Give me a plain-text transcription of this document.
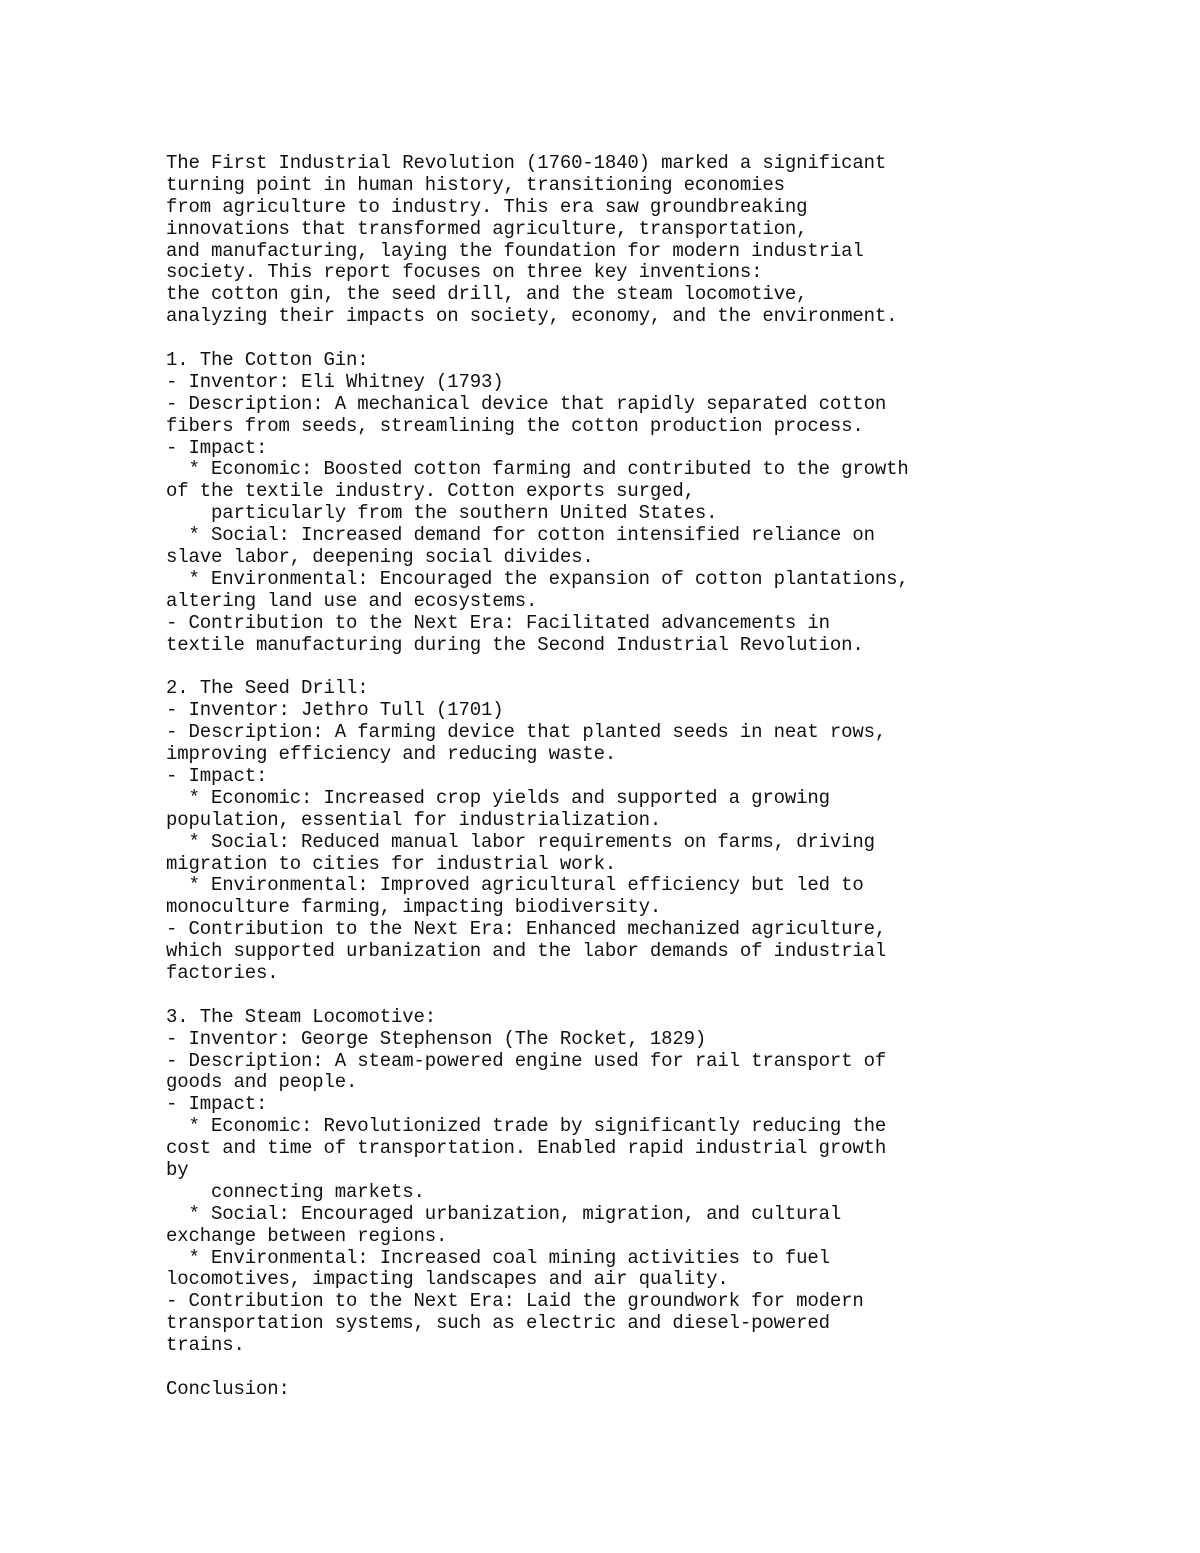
The First Industrial Revolution (1760-1840) marked a significant
turning point in human history, transitioning economies
from agriculture to industry. This era saw groundbreaking
innovations that transformed agriculture, transportation,
and manufacturing, laying the foundation for modern industrial
society. This report focuses on three key inventions:
the cotton gin, the seed drill, and the steam locomotive,
analyzing their impacts on society, economy, and the environment.
1. The Cotton Gin:
- Inventor: Eli Whitney (1793)
- Description: A mechanical device that rapidly separated cotton
fibers from seeds, streamlining the cotton production process.
- Impact:
* Economic: Boosted cotton farming and contributed to the growth
of the textile industry. Cotton exports surged,
particularly from the southern United States.
* Social: Increased demand for cotton intensified reliance on
slave labor, deepening social divides.
* Environmental: Encouraged the expansion of cotton plantations,
altering land use and ecosystems.
- Contribution to the Next Era: Facilitated advancements in
textile manufacturing during the Second Industrial Revolution.
2. The Seed Drill:
- Inventor: Jethro Tull (1701)
- Description: A farming device that planted seeds in neat rows,
improving efficiency and reducing waste.
- Impact:
* Economic: Increased crop yields and supported a growing
population, essential for industrialization.
* Social: Reduced manual labor requirements on farms, driving
migration to cities for industrial work.
* Environmental: Improved agricultural efficiency but led to
monoculture farming, impacting biodiversity.
- Contribution to the Next Era: Enhanced mechanized agriculture,
which supported urbanization and the labor demands of industrial
factories.
3. The Steam Locomotive:
- Inventor: George Stephenson (The Rocket, 1829)
- Description: A steam-powered engine used for rail transport of
goods and people.
- Impact:
* Economic: Revolutionized trade by significantly reducing the
cost and time of transportation. Enabled rapid industrial growth
by
connecting markets.
* Social: Encouraged urbanization, migration, and cultural
exchange between regions.
* Environmental: Increased coal mining activities to fuel
locomotives, impacting landscapes and air quality.
- Contribution to the Next Era: Laid the groundwork for modern
transportation systems, such as electric and diesel-powered
trains.
Conclusion:
